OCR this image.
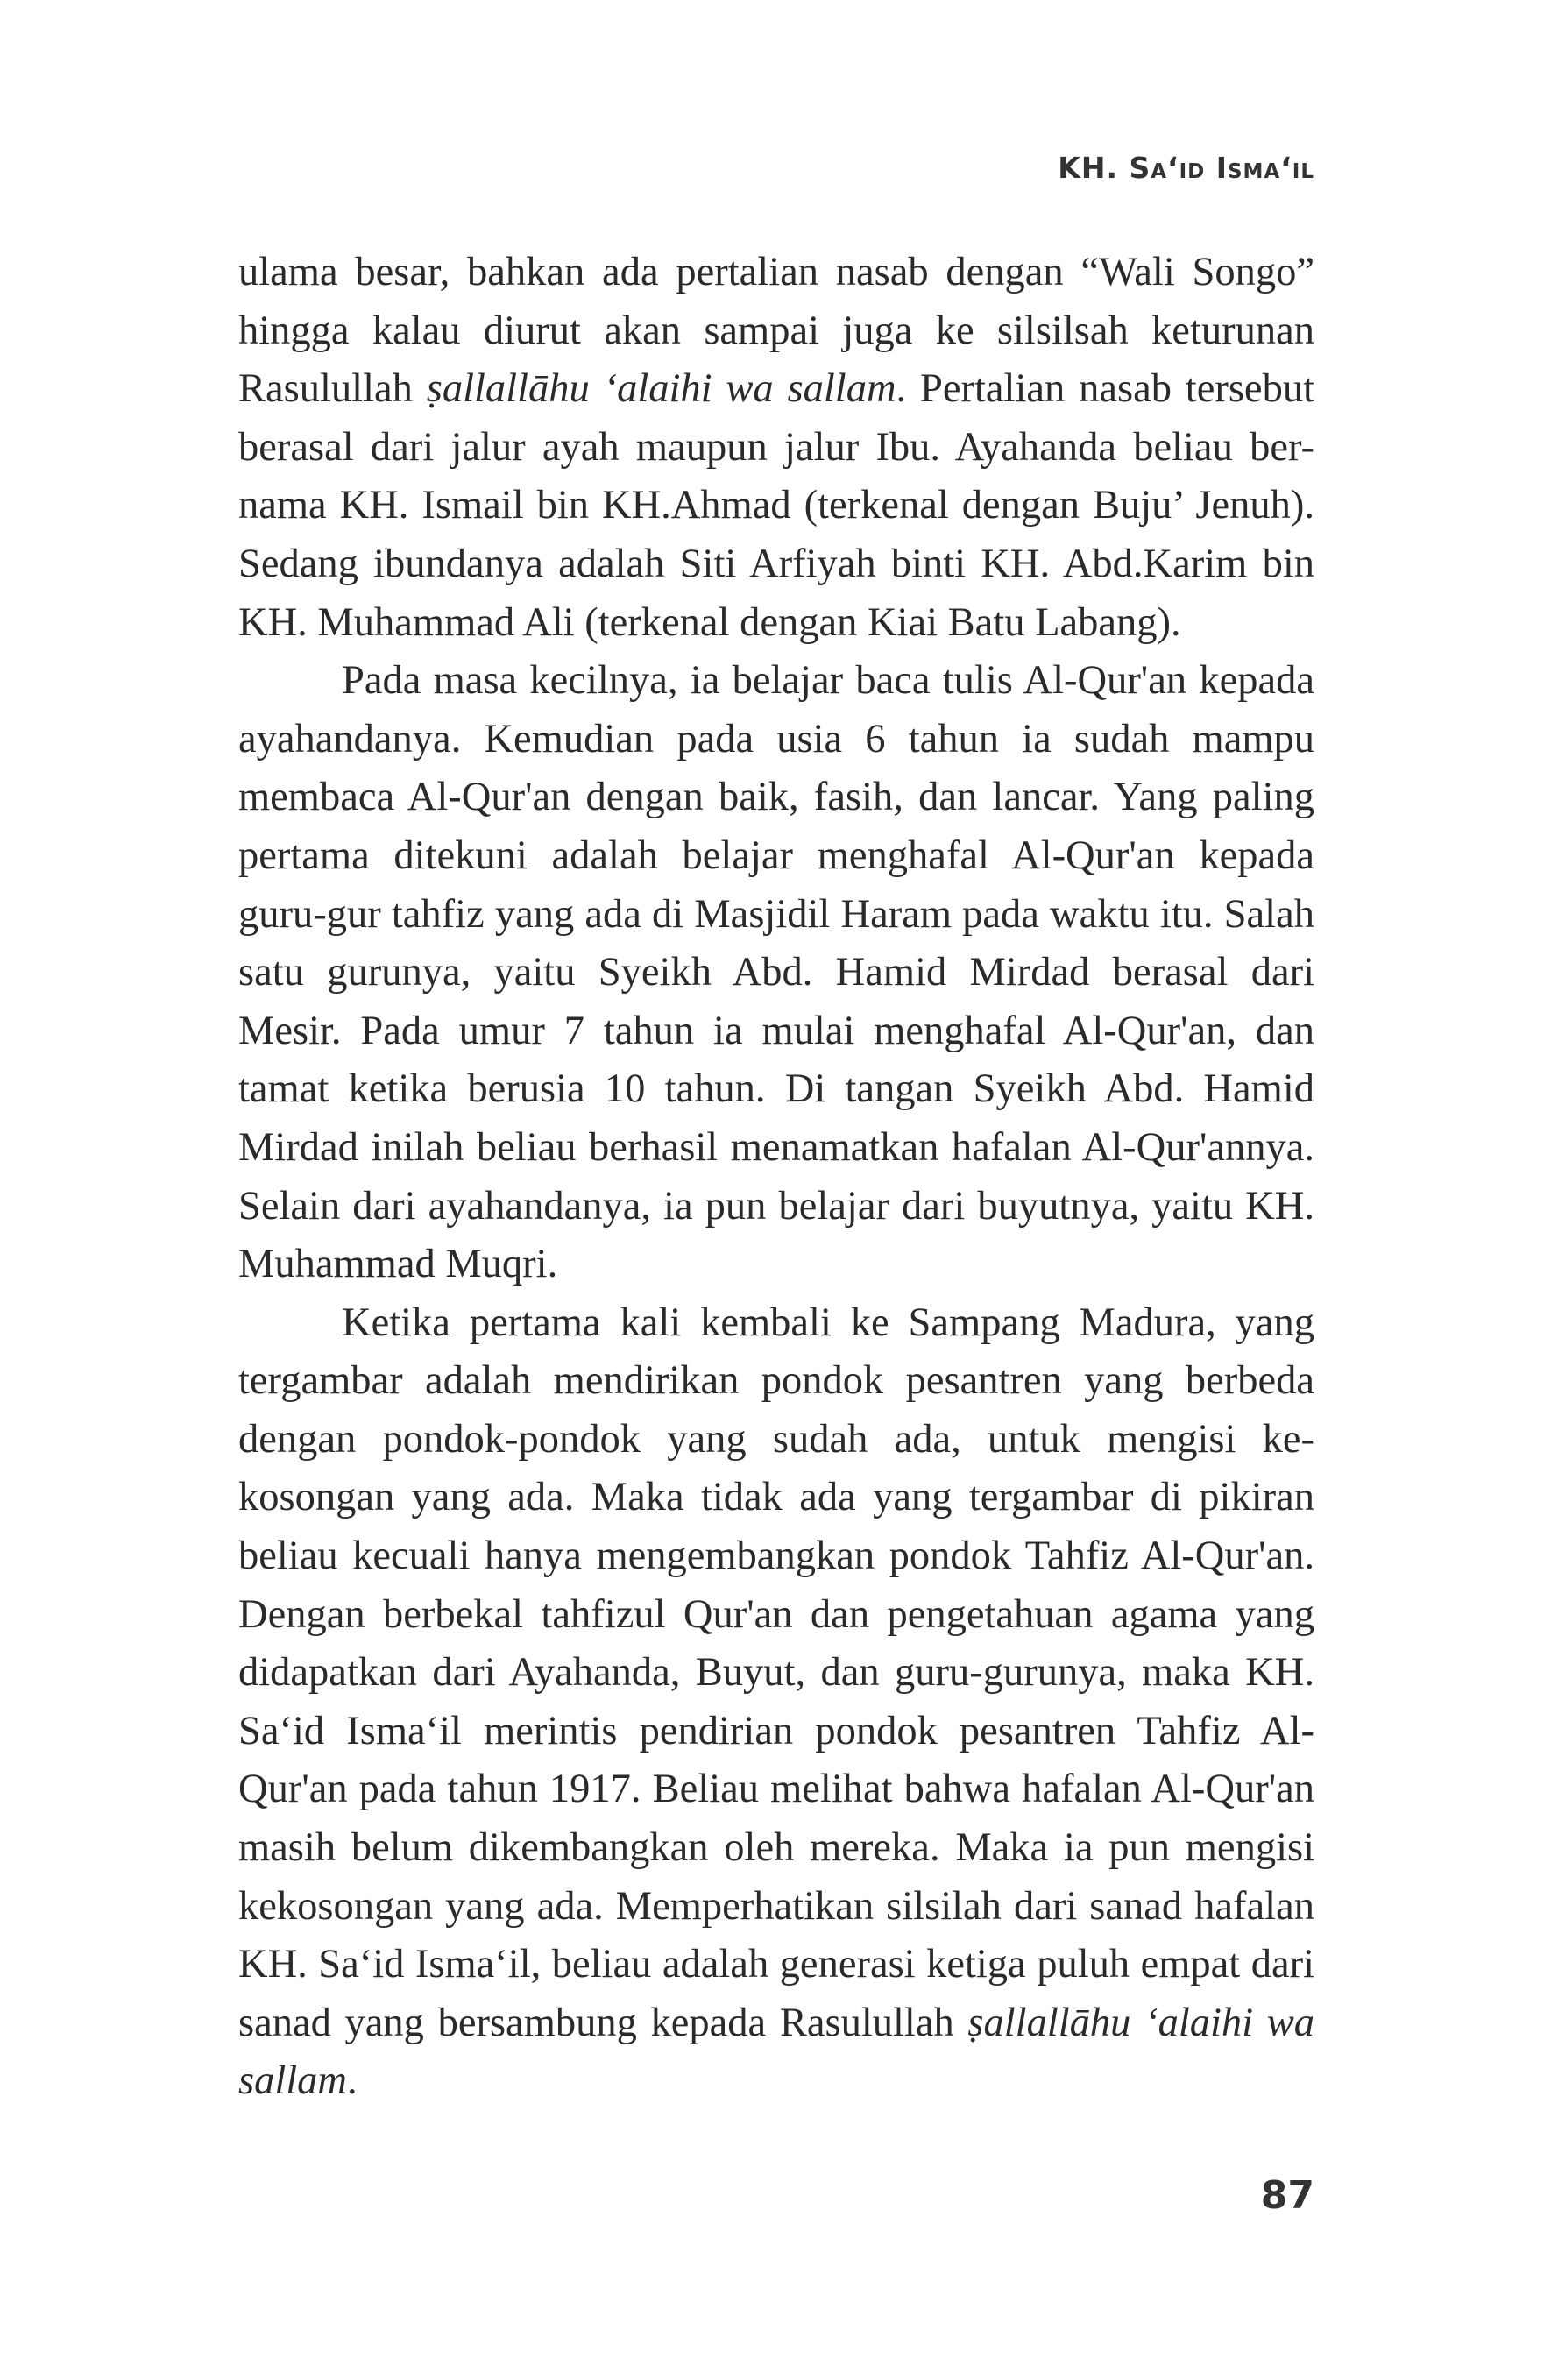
KH. Sa‘id Isma‘il

ulama besar, bahkan ada pertalian nasab dengan “Wali Songo” hingga kalau diurut akan sampai juga ke silsilsah keturunan Rasulullah ṣallallāhu ‘alaihi wa sallam. Pertalian nasab tersebut berasal dari jalur ayah maupun jalur Ibu. Ayahanda beliau ber-nama KH. Ismail bin KH.Ahmad (terkenal dengan Buju’ Jenuh). Sedang ibundanya adalah Siti Arfiyah binti KH. Abd.Karim bin KH. Muhammad Ali (terkenal dengan Kiai Batu Labang).

Pada masa kecilnya, ia belajar baca tulis Al-Qur'an kepada ayahandanya. Kemudian pada usia 6 tahun ia sudah mampu membaca Al-Qur'an dengan baik, fasih, dan lancar. Yang paling pertama ditekuni adalah belajar menghafal Al-Qur'an kepada guru-gur tahfiz yang ada di Masjidil Haram pada waktu itu. Salah satu gurunya, yaitu Syeikh Abd. Hamid Mirdad berasal dari Mesir. Pada umur 7 tahun ia mulai menghafal Al-Qur'an, dan tamat ketika berusia 10 tahun. Di tangan Syeikh Abd. Hamid Mirdad inilah beliau berhasil menamatkan hafalan Al-Qur'annya. Selain dari ayahandanya, ia pun belajar dari buyutnya, yaitu KH. Muhammad Muqri.

Ketika pertama kali kembali ke Sampang Madura, yang tergambar adalah mendirikan pondok pesantren yang berbeda dengan pondok-pondok yang sudah ada, untuk mengisi ke-kosongan yang ada. Maka tidak ada yang tergambar di pikiran beliau kecuali hanya mengembangkan pondok Tahfiz Al-Qur'an. Dengan berbekal tahfizul Qur'an dan pengetahuan agama yang didapatkan dari Ayahanda, Buyut, dan guru-gurunya, maka KH. Sa‘id Isma‘il merintis pendirian pondok pesantren Tahfiz Al-Qur'an pada tahun 1917. Beliau melihat bahwa hafalan Al-Qur'an masih belum dikembangkan oleh mereka. Maka ia pun mengisi kekosongan yang ada. Memperhatikan silsilah dari sanad hafalan KH. Sa‘id Isma‘il, beliau adalah generasi ketiga puluh empat dari sanad yang bersambung kepada Rasulullah ṣallallāhu ‘alaihi wa sallam.

87
